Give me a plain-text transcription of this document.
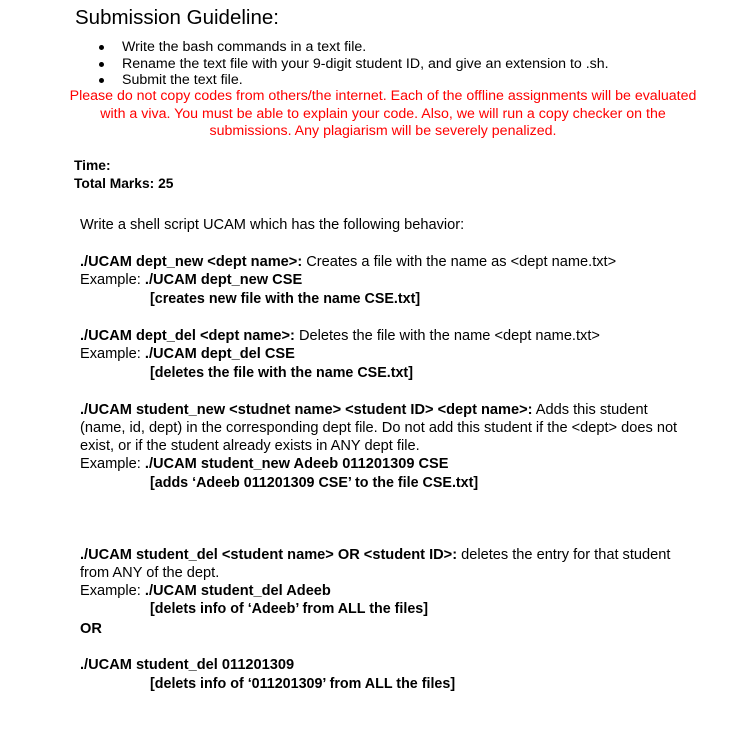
Submission Guideline:
Write the bash commands in a text file.
Rename the text file with your 9-digit student ID, and give an extension to .sh.
Submit the text file.
Please do not copy codes from others/the internet. Each of the offline assignments will be evaluated with a viva. You must be able to explain your code. Also, we will run a copy checker on the submissions. Any plagiarism will be severely penalized.
Time:
Total Marks: 25
Write a shell script UCAM which has the following behavior:
./UCAM dept_new <dept name>: Creates a file with the name as <dept name.txt>
Example: ./UCAM dept_new CSE
[creates new file with the name CSE.txt]
./UCAM dept_del <dept name>: Deletes the file with the name <dept name.txt>
Example: ./UCAM dept_del CSE
[deletes the file with the name CSE.txt]
./UCAM student_new <studnet name> <student ID> <dept name>: Adds this student (name, id, dept) in the corresponding dept file. Do not add this student if the <dept> does not exist, or if the student already exists in ANY dept file.
Example: ./UCAM student_new Adeeb 011201309 CSE
[adds ‘Adeeb 011201309 CSE’ to the file CSE.txt]
./UCAM student_del <student name> OR <student ID>: deletes the entry for that student from ANY of the dept.
Example: ./UCAM student_del Adeeb
[delets info of ‘Adeeb’ from ALL the files]
OR
./UCAM student_del 011201309
[delets info of ‘011201309’ from ALL the files]
